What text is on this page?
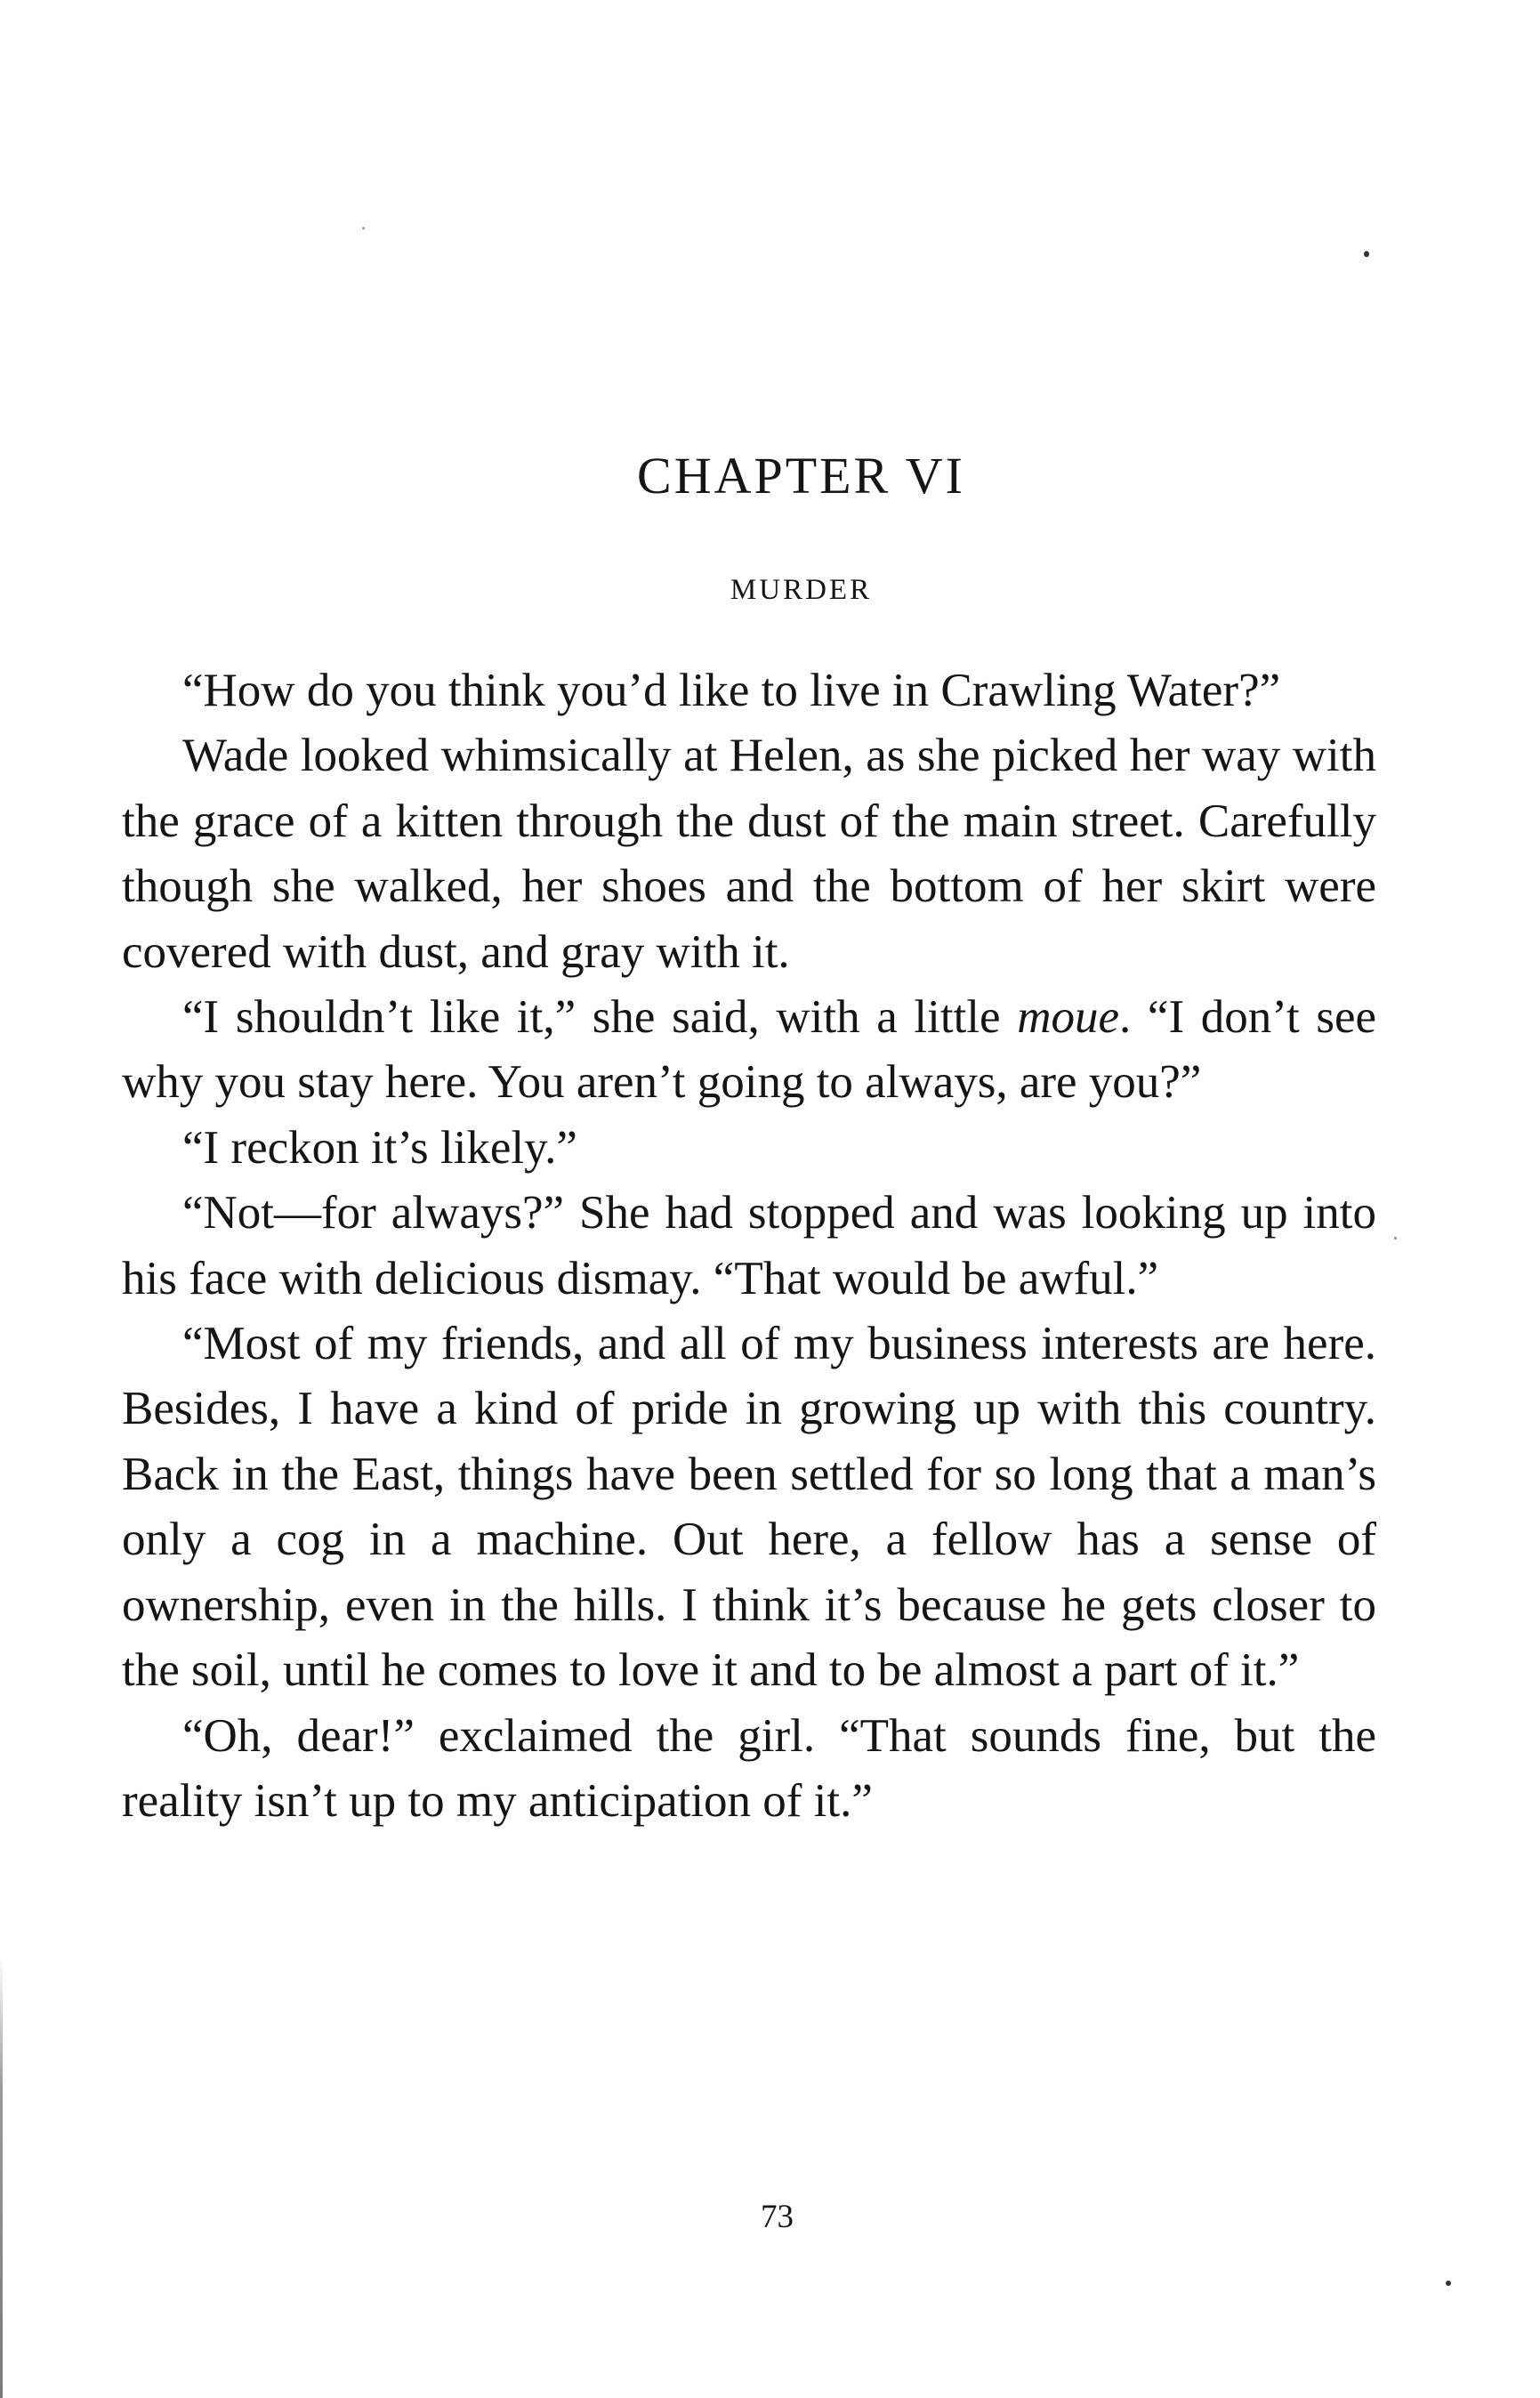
CHAPTER VI
MURDER

“How do you think you’d like to live in Crawling Water?”

Wade looked whimsically at Helen, as she picked her way with the grace of a kitten through the dust of the main street. Carefully though she walked, her shoes and the bottom of her skirt were covered with dust, and gray with it.

“I shouldn’t like it,” she said, with a little moue. “I don’t see why you stay here. You aren’t going to always, are you?”

“I reckon it’s likely.”

“Not—for always?” She had stopped and was looking up into his face with delicious dismay. “That would be awful.”

“Most of my friends, and all of my business interests are here. Besides, I have a kind of pride in growing up with this country. Back in the East, things have been settled for so long that a man’s only a cog in a machine. Out here, a fellow has a sense of ownership, even in the hills. I think it’s because he gets closer to the soil, until he comes to love it and to be almost a part of it.”

“Oh, dear!” exclaimed the girl. “That sounds fine, but the reality isn’t up to my anticipation of it.”

73
